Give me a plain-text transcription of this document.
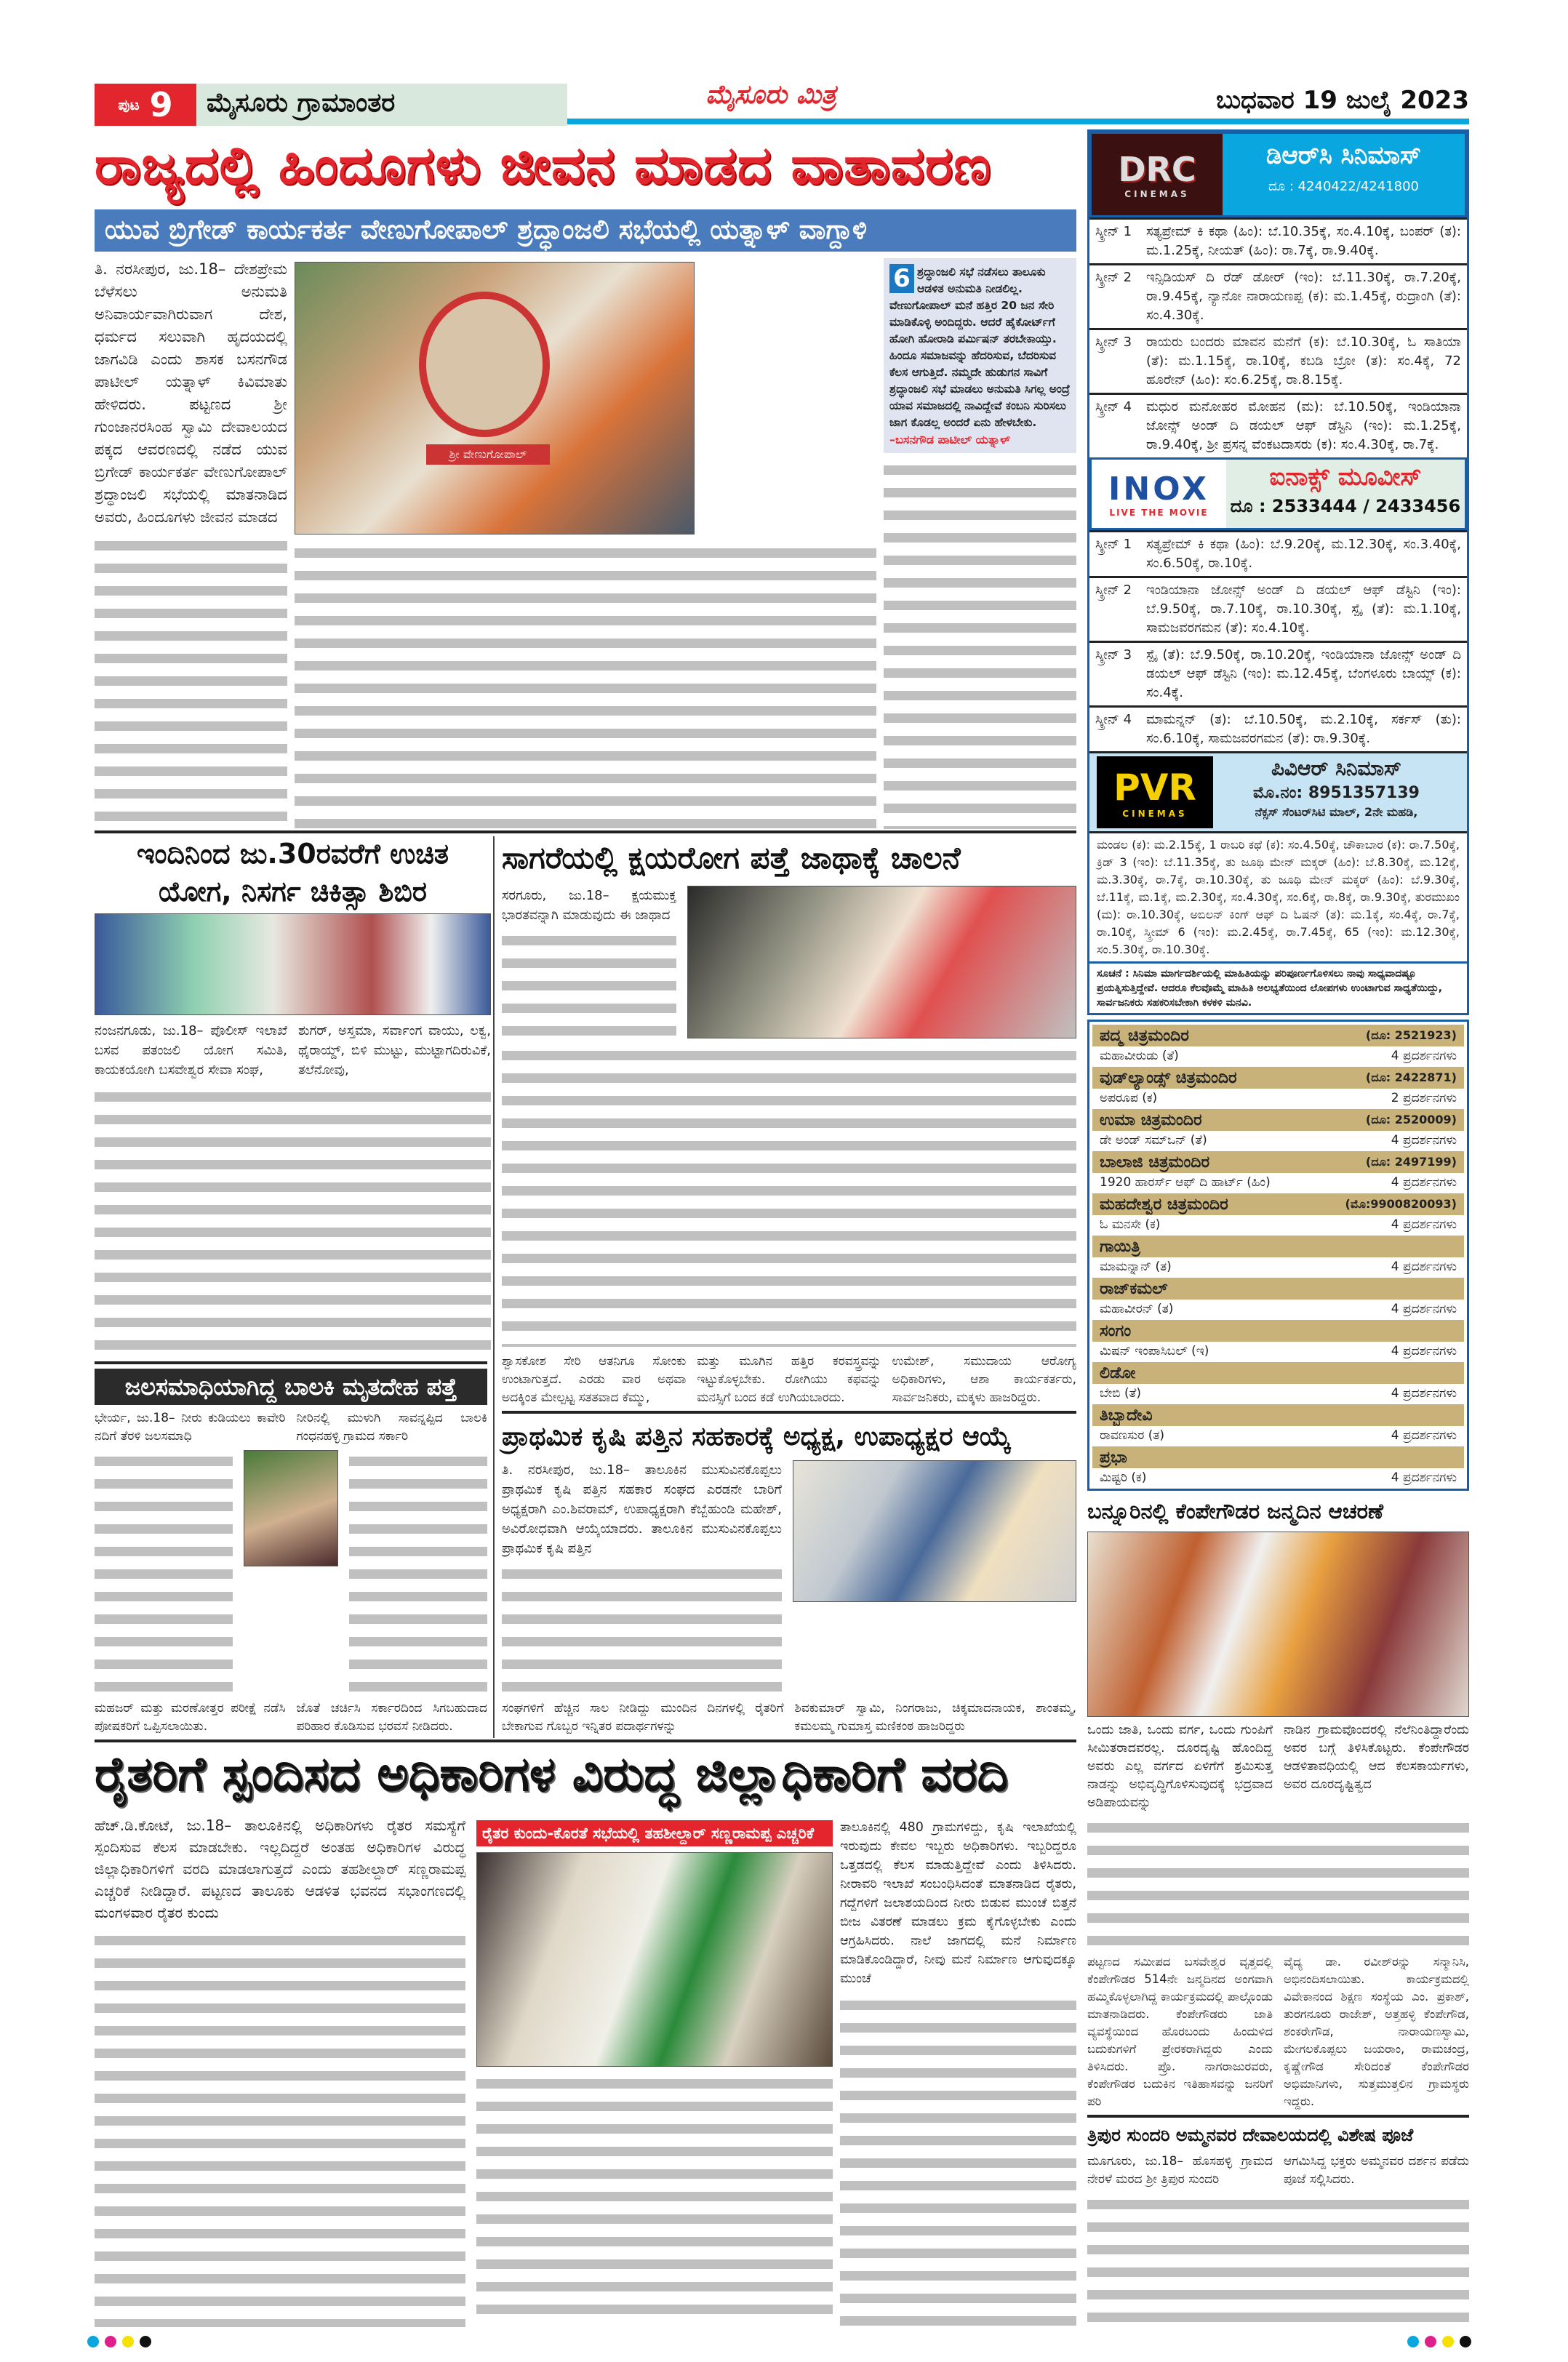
ಪುಟ 9	ಮೈಸೂರು ಗ್ರಾಮಾಂತರ	ಮೈಸೂರು ಮಿತ್ರ	ಬುಧವಾರ 19 ಜುಲೈ 2023
ರಾಜ್ಯದಲ್ಲಿ ಹಿಂದೂಗಳು ಜೀವನ ಮಾಡದ ವಾತಾವರಣ
ಯುವ ಬ್ರಿಗೇಡ್ ಕಾರ್ಯಕರ್ತ ವೇಣುಗೋಪಾಲ್ ಶ್ರದ್ಧಾಂಜಲಿ ಸಭೆಯಲ್ಲಿ ಯತ್ನಾಳ್ ವಾಗ್ದಾಳಿ
ತಿ. ನರಸೀಪುರ, ಜು.18– ದೇಶಪ್ರೇಮ ಬೆಳೆಸಲು ಅನುಮತಿ ಅನಿವಾರ್ಯವಾಗಿರುವಾಗ ದೇಶ, ಧರ್ಮದ ಸಲುವಾಗಿ ಹೃದಯದಲ್ಲಿ ಜಾಗವಿಡಿ ಎಂದು ಶಾಸಕ ಬಸನಗೌಡ ಪಾಟೀಲ್ ಯತ್ನಾಳ್ ಕಿವಿಮಾತು ಹೇಳಿದರು. ಪಟ್ಟಣದ ಶ್ರೀ ಗುಂಜಾನರಸಿಂಹ ಸ್ವಾಮಿ ದೇವಾಲಯದ ಪಕ್ಕದ ಆವರಣದಲ್ಲಿ ನಡೆದ ಯುವ ಬ್ರಿಗೇಡ್ ಕಾರ್ಯಕರ್ತ ವೇಣುಗೋಪಾಲ್ ಶ್ರದ್ಧಾಂಜಲಿ ಸಭೆಯಲ್ಲಿ ಮಾತನಾಡಿದ ಅವರು, ಹಿಂದೂಗಳು ಜೀವನ ಮಾಡದ
ಶ್ರೀ ವೇಣುಗೋಪಾಲ್
6 ಶ್ರದ್ಧಾಂಜಲಿ ಸಭೆ ನಡೆಸಲು ತಾಲೂಕು ಆಡಳಿತ ಅನುಮತಿ ನೀಡಲಿಲ್ಲ. ವೇಣುಗೋಪಾಲ್ ಮನೆ ಹತ್ತಿರ 20 ಜನ ಸೇರಿ ಮಾಡಿಕೊಳ್ಳಿ ಅಂದಿದ್ದರು. ಆದರೆ ಹೈಕೋರ್ಟ್‌ಗೆ ಹೋಗಿ ಹೋರಾಡಿ ಪರ್ಮಿಷನ್ ತರಬೇಕಾಯ್ತು. ಹಿಂದೂ ಸಮಾಜವನ್ನು ಹೆದರಿಸುವ, ಬೆದರಿಸುವ ಕೆಲಸ ಆಗುತ್ತಿದೆ. ನಮ್ಮದೇ ಹುಡುಗನ ಸಾವಿಗೆ ಶ್ರದ್ಧಾಂಜಲಿ ಸಭೆ ಮಾಡಲು ಅನುಮತಿ ಸಿಗಲ್ಲ ಅಂದ್ರೆ ಯಾವ ಸಮಾಜದಲ್ಲಿ ನಾವಿದ್ದೇವೆ ಕಂಬನಿ ಸುರಿಸಲು ಜಾಗ ಕೊಡಲ್ಲ ಅಂದರೆ ಏನು ಹೇಳಬೇಕು.
–ಬಸನಗೌಡ ಪಾಟೀಲ್ ಯತ್ನಾಳ್
ಇಂದಿನಿಂದ ಜು.30ರವರೆಗೆ ಉಚಿತ
ಯೋಗ, ನಿಸರ್ಗ ಚಿಕಿತ್ಸಾ ಶಿಬಿರ
ನಂಜನಗೂಡು, ಜು.18– ಪೊಲೀಸ್ ಇಲಾಖೆ ಬಸವ ಪತಂಜಲಿ ಯೋಗ ಸಮಿತಿ, ಕಾಯಕಯೋಗಿ ಬಸವೇಶ್ವರ ಸೇವಾ ಸಂಘ,
ಶುಗರ್, ಅಸ್ತಮಾ, ಸರ್ವಾಂಗ ವಾಯು, ಲಕ್ವ, ಥೈರಾಯ್ಡ್, ಬಿಳಿ ಮುಟ್ಟು, ಮುಟ್ಟಾಗದಿರುವಿಕೆ, ತಲೆನೋವು,
ಸಾಗರೆಯಲ್ಲಿ ಕ್ಷಯರೋಗ ಪತ್ತೆ ಜಾಥಾಕ್ಕೆ ಚಾಲನೆ
ಸರಗೂರು, ಜು.18– ಕ್ಷಯಮುಕ್ತ ಭಾರತವನ್ನಾಗಿ ಮಾಡುವುದು ಈ ಜಾಥಾದ
ಶ್ವಾಸಕೋಶ ಸೇರಿ ಆತನಿಗೂ ಸೋಂಕು ಉಂಟಾಗುತ್ತದೆ. ಎರಡು ವಾರ ಅಥವಾ ಅದಕ್ಕಿಂತ ಮೇಲ್ಪಟ್ಟ ಸತತವಾದ ಕೆಮ್ಮು,
ಮತ್ತು ಮೂಗಿನ ಹತ್ತಿರ ಕರವಸ್ತ್ರವನ್ನು ಇಟ್ಟುಕೊಳ್ಳಬೇಕು. ರೋಗಿಯು ಕಫವನ್ನು ಮನಸ್ಸಿಗೆ ಬಂದ ಕಡೆ ಉಗಿಯಬಾರದು.
ಉಮೇಶ್, ಸಮುದಾಯ ಆರೋಗ್ಯ ಅಧಿಕಾರಿಗಳು, ಆಶಾ ಕಾರ್ಯಕರ್ತರು, ಸಾರ್ವಜನಿಕರು, ಮಕ್ಕಳು ಹಾಜರಿದ್ದರು.
ಜಲಸಮಾಧಿಯಾಗಿದ್ದ ಬಾಲಕಿ ಮೃತದೇಹ ಪತ್ತೆ
ಭೇರ್ಯ, ಜು.18– ನೀರು ಕುಡಿಯಲು ಕಾವೇರಿ ನದಿಗೆ ತೆರಳಿ ಜಲಸಮಾಧಿ
ನೀರಿನಲ್ಲಿ ಮುಳುಗಿ ಸಾವನ್ನಪ್ಪಿದ ಬಾಲಕಿ ಗಂಧನಹಳ್ಳಿ ಗ್ರಾಮದ ಸರ್ಕಾರಿ
ಮಹಜರ್ ಮತ್ತು ಮರಣೋತ್ತರ ಪರೀಕ್ಷೆ ನಡೆಸಿ ಪೋಷಕರಿಗೆ ಒಪ್ಪಿಸಲಾಯಿತು.
ಜೊತೆ ಚರ್ಚಿಸಿ ಸರ್ಕಾರದಿಂದ ಸಿಗಬಹುದಾದ ಪರಿಹಾರ ಕೊಡಿಸುವ ಭರವಸೆ ನೀಡಿದರು.
ಪ್ರಾಥಮಿಕ ಕೃಷಿ ಪತ್ತಿನ ಸಹಕಾರಕ್ಕೆ ಅಧ್ಯಕ್ಷ, ಉಪಾಧ್ಯಕ್ಷರ ಆಯ್ಕೆ
ತಿ. ನರಸೀಪುರ, ಜು.18– ತಾಲೂಕಿನ ಮುಸುವಿನಕೊಪ್ಪಲು ಪ್ರಾಥಮಿಕ ಕೃಷಿ ಪತ್ತಿನ ಸಹಕಾರ ಸಂಘದ ಎರಡನೇ ಬಾರಿಗೆ ಅಧ್ಯಕ್ಷರಾಗಿ ಎಂ.ಶಿವರಾಮ್, ಉಪಾಧ್ಯಕ್ಷರಾಗಿ ಕೆಬ್ಬೆಹುಂಡಿ ಮಹೇಶ್, ಅವಿರೋಧವಾಗಿ ಆಯ್ಕೆಯಾದರು. ತಾಲೂಕಿನ ಮುಸುವಿನಕೊಪ್ಪಲು ಪ್ರಾಥಮಿಕ ಕೃಷಿ ಪತ್ತಿನ
ಸಂಘಗಳಿಗೆ ಹೆಚ್ಚಿನ ಸಾಲ ನೀಡಿದ್ದು ಮುಂದಿನ ದಿನಗಳಲ್ಲಿ ರೈತರಿಗೆ ಬೇಕಾಗುವ ಗೊಬ್ಬರ ಇನ್ನಿತರ ಪದಾರ್ಥಗಳನ್ನು
ಶಿವಕುಮಾರ್ ಸ್ವಾಮಿ, ನಿಂಗರಾಜು, ಚಿಕ್ಕಮಾದನಾಯಕ, ಶಾಂತಮ್ಮ, ಕಮಲಮ್ಮ ಗುಮಾಸ್ತ ಮಣಿಕಂಠ ಹಾಜರಿದ್ದರು
ರೈತರಿಗೆ ಸ್ಪಂದಿಸದ ಅಧಿಕಾರಿಗಳ ವಿರುದ್ಧ ಜಿಲ್ಲಾಧಿಕಾರಿಗೆ ವರದಿ
ಹೆಚ್.ಡಿ.ಕೋಟೆ, ಜು.18– ತಾಲೂಕಿನಲ್ಲಿ ಅಧಿಕಾರಿಗಳು ರೈತರ ಸಮಸ್ಯೆಗೆ ಸ್ಪಂದಿಸುವ ಕೆಲಸ ಮಾಡಬೇಕು. ಇಲ್ಲದಿದ್ದರೆ ಅಂತಹ ಅಧಿಕಾರಿಗಳ ವಿರುದ್ಧ ಜಿಲ್ಲಾಧಿಕಾರಿಗಳಿಗೆ ವರದಿ ಮಾಡಲಾಗುತ್ತದೆ ಎಂದು ತಹಶೀಲ್ದಾರ್ ಸಣ್ಣರಾಮಪ್ಪ ಎಚ್ಚರಿಕೆ ನೀಡಿದ್ದಾರೆ. ಪಟ್ಟಣದ ತಾಲೂಕು ಆಡಳಿತ ಭವನದ ಸಭಾಂಗಣದಲ್ಲಿ ಮಂಗಳವಾರ ರೈತರ ಕುಂದು
ರೈತರ ಕುಂದು-ಕೊರತೆ ಸಭೆಯಲ್ಲಿ ತಹಶೀಲ್ದಾರ್ ಸಣ್ಣರಾಮಪ್ಪ ಎಚ್ಚರಿಕೆ	ತಾಲೂಕಿನಲ್ಲಿ 480 ಗ್ರಾಮಗಳಿದ್ದು, ಕೃಷಿ ಇಲಾಖೆಯಲ್ಲಿ ಇರುವುದು ಕೇವಲ ಇಬ್ಬರು ಅಧಿಕಾರಿಗಳು. ಇಬ್ಬರಿದ್ದರೂ ಒತ್ತಡದಲ್ಲಿ ಕೆಲಸ ಮಾಡುತ್ತಿದ್ದೇವೆ ಎಂದು ತಿಳಿಸಿದರು. ನೀರಾವರಿ ಇಲಾಖೆ ಸಂಬಂಧಿಸಿದಂತೆ ಮಾತನಾಡಿದ ರೈತರು, ಗದ್ದೆಗಳಿಗೆ ಜಲಾಶಯದಿಂದ ನೀರು ಬಿಡುವ ಮುಂಚೆ ಬಿತ್ತನೆ ಬೀಜ ವಿತರಣೆ ಮಾಡಲು ಕ್ರಮ ಕೈಗೊಳ್ಳಬೇಕು ಎಂದು ಆಗ್ರಹಿಸಿದರು. ನಾಲೆ ಜಾಗದಲ್ಲಿ ಮನೆ ನಿರ್ಮಾಣ ಮಾಡಿಕೊಂಡಿದ್ದಾರೆ, ನೀವು ಮನೆ ನಿರ್ಮಾಣ ಆಗುವುದಕ್ಕೂ ಮುಂಚೆ
DRC
CINEMAS
ಡಿಆರ್‌ಸಿ ಸಿನಿಮಾಸ್
ದೂ : 4240422/4241800
ಸ್ಕ್ರೀನ್ 1	ಸತ್ಯಪ್ರೇಮ್ ಕಿ ಕಥಾ (ಹಿಂ): ಬೆ.10.35ಕ್ಕೆ, ಸಂ.4.10ಕ್ಕೆ, ಬಂಪರ್ (ತ): ಮ.1.25ಕ್ಕೆ, ನೀಯತ್ (ಹಿಂ): ರಾ.7ಕ್ಕೆ, ರಾ.9.40ಕ್ಕೆ.
ಸ್ಕ್ರೀನ್ 2	ಇನ್ಸಿಡಿಯಸ್ ದಿ ರೆಡ್ ಡೋರ್ (ಇಂ): ಬೆ.11.30ಕ್ಕೆ, ರಾ.7.20ಕ್ಕೆ, ರಾ.9.45ಕ್ಕೆ, ನ್ಯಾನೋ ನಾರಾಯಣಪ್ಪ (ಕ): ಮ.1.45ಕ್ಕೆ, ರುದ್ರಾಂಗಿ (ತೆ): ಸಂ.4.30ಕ್ಕೆ.
ಸ್ಕ್ರೀನ್ 3	ರಾಯರು ಬಂದರು ಮಾವನ ಮನೆಗೆ (ಕ): ಬೆ.10.30ಕ್ಕೆ, ಓ ಸಾತಿಯಾ (ತೆ): ಮ.1.15ಕ್ಕೆ, ರಾ.10ಕ್ಕೆ, ಕಬಡಿ ಬ್ರೋ (ತ): ಸಂ.4ಕ್ಕೆ, 72 ಹೂರೇನ್ (ಹಿಂ): ಸಂ.6.25ಕ್ಕೆ, ರಾ.8.15ಕ್ಕೆ.
ಸ್ಕ್ರೀನ್ 4	ಮಧುರ ಮನೋಹರ ಮೋಹನ (ಮ): ಬೆ.10.50ಕ್ಕೆ, ಇಂಡಿಯಾನಾ ಜೋನ್ಸ್ ಅಂಡ್ ದಿ ಡಯಲ್ ಆಫ್ ಡೆಸ್ಟಿನಿ (ಇಂ): ಮ.1.25ಕ್ಕೆ, ರಾ.9.40ಕ್ಕೆ, ಶ್ರೀ ಪ್ರಸನ್ನ ವೆಂಕಟದಾಸರು (ಕ): ಸಂ.4.30ಕ್ಕೆ, ರಾ.7ಕ್ಕೆ.
INOX
LIVE THE MOVIE
ಐನಾಕ್ಸ್ ಮೂವೀಸ್
ದೂ : 2533444 / 2433456
ಸ್ಕ್ರೀನ್ 1	ಸತ್ಯಪ್ರೇಮ್ ಕಿ ಕಥಾ (ಹಿಂ): ಬೆ.9.20ಕ್ಕೆ, ಮ.12.30ಕ್ಕೆ, ಸಂ.3.40ಕ್ಕೆ, ಸಂ.6.50ಕ್ಕೆ, ರಾ.10ಕ್ಕೆ.
ಸ್ಕ್ರೀನ್ 2	ಇಂಡಿಯಾನಾ ಜೋನ್ಸ್ ಅಂಡ್ ದಿ ಡಯಲ್ ಆಫ್ ಡೆಸ್ಟಿನಿ (ಇಂ): ಬೆ.9.50ಕ್ಕೆ, ರಾ.7.10ಕ್ಕೆ, ರಾ.10.30ಕ್ಕೆ, ಸ್ಪೈ (ತೆ): ಮ.1.10ಕ್ಕೆ, ಸಾಮಜವರಗಮನ (ತೆ): ಸಂ.4.10ಕ್ಕೆ.
ಸ್ಕ್ರೀನ್ 3	ಸ್ಪೈ (ತೆ): ಬೆ.9.50ಕ್ಕೆ, ರಾ.10.20ಕ್ಕೆ, ಇಂಡಿಯಾನಾ ಜೋನ್ಸ್ ಅಂಡ್ ದಿ ಡಯಲ್ ಆಫ್ ಡೆಸ್ಟಿನಿ (ಇಂ): ಮ.12.45ಕ್ಕೆ, ಬೆಂಗಳೂರು ಬಾಯ್ಸ್ (ಕ): ಸಂ.4ಕ್ಕೆ.
ಸ್ಕ್ರೀನ್ 4	ಮಾಮನ್ನನ್ (ತ): ಬೆ.10.50ಕ್ಕೆ, ಮ.2.10ಕ್ಕೆ, ಸರ್ಕಸ್ (ತು): ಸಂ.6.10ಕ್ಕೆ, ಸಾಮಜವರಗಮನ (ತೆ): ರಾ.9.30ಕ್ಕೆ.
PVR
CINEMAS
ಪಿವಿಆರ್ ಸಿನಿಮಾಸ್
ಮೊ.ನಂ: 8951357139
ನೆಕ್ಸಸ್ ಸೆಂಟರ್‌ಸಿಟಿ ಮಾಲ್, 2ನೇ ಮಹಡಿ,
ಮಂಡಲ (ಕ): ಮ.2.15ಕ್ಕೆ, 1 ರಾಬರಿ ಕಥೆ (ಕ): ಸಂ.4.50ಕ್ಕೆ, ಚೌಕಾಬಾರ (ಕ): ರಾ.7.50ಕ್ಕೆ, ಕ್ರಿಡ್ 3 (ಇಂ): ಬೆ.11.35ಕ್ಕೆ, ತು ಜೂಥಿ ಮೇನ್ ಮಕ್ಕರ್ (ಹಿಂ): ಬೆ.8.30ಕ್ಕೆ, ಮ.12ಕ್ಕೆ, ಮ.3.30ಕ್ಕೆ, ರಾ.7ಕ್ಕೆ, ರಾ.10.30ಕ್ಕೆ, ತು ಜೂಥಿ ಮೇನ್ ಮಕ್ಕರ್ (ಹಿಂ): ಬೆ.9.30ಕ್ಕೆ, ಬೆ.11ಕ್ಕೆ, ಮ.1ಕ್ಕೆ, ಮ.2.30ಕ್ಕೆ, ಸಂ.4.30ಕ್ಕೆ, ಸಂ.6ಕ್ಕೆ, ರಾ.8ಕ್ಕೆ, ರಾ.9.30ಕ್ಕೆ, ತುರಮುಖಂ (ಮ): ರಾ.10.30ಕ್ಕೆ, ಅಬಿಲನ್ ಕಿಂಗ್ ಆಫ್ ದಿ ಓಷನ್ (ತ): ಮ.1ಕ್ಕೆ, ಸಂ.4ಕ್ಕೆ, ರಾ.7ಕ್ಕೆ, ರಾ.10ಕ್ಕೆ, ಸ್ಕ್ರೀಮ್ 6 (ಇಂ): ಮ.2.45ಕ್ಕೆ, ರಾ.7.45ಕ್ಕೆ, 65 (ಇಂ): ಮ.12.30ಕ್ಕೆ, ಸಂ.5.30ಕ್ಕೆ, ರಾ.10.30ಕ್ಕೆ.
ಸೂಚನೆ : ಸಿನಿಮಾ ಮಾರ್ಗದರ್ಶಿಯಲ್ಲಿ ಮಾಹಿತಿಯನ್ನು ಪರಿಪೂರ್ಣಗೊಳಿಸಲು ನಾವು ಸಾಧ್ಯವಾದಷ್ಟೂ ಪ್ರಯತ್ನಿಸುತ್ತಿದ್ದೇವೆ. ಆದರೂ ಕೆಲವೊಮ್ಮೆ ಮಾಹಿತಿ ಅಲಭ್ಯತೆಯಿಂದ ಲೋಪಗಳು ಉಂಟಾಗುವ ಸಾಧ್ಯತೆಯಿದ್ದು, ಸಾರ್ವಜನಿಕರು ಸಹಕರಿಸಬೇಕಾಗಿ ಕಳಕಳಿ ಮನವಿ.
ಪದ್ಮ ಚಿತ್ರಮಂದಿರ	(ದೂ: 2521923)
ಮಹಾವೀರುಡು (ತೆ)	4 ಪ್ರದರ್ಶನಗಳು
ವುಡ್‌ಲ್ಯಾಂಡ್ಸ್ ಚಿತ್ರಮಂದಿರ	(ದೂ: 2422871)
ಅಪರೂಪ (ಕ)	2 ಪ್ರದರ್ಶನಗಳು
ಉಮಾ ಚಿತ್ರಮಂದಿರ	(ದೂ: 2520009)
ಡೇ ಅಂಡ್ ಸಮ್‌ಒನ್ (ತೆ)	4 ಪ್ರದರ್ಶನಗಳು
ಬಾಲಾಜಿ ಚಿತ್ರಮಂದಿರ	(ದೂ: 2497199)
1920 ಹಾರರ್ಸ್ ಆಫ್ ದಿ ಹಾರ್ಟ್ (ಹಿಂ)	4 ಪ್ರದರ್ಶನಗಳು
ಮಹದೇಶ್ವರ ಚಿತ್ರಮಂದಿರ	(ಮೊ:9900820093)
ಓ ಮನಸೇ (ಕ)	4 ಪ್ರದರ್ಶನಗಳು
ಗಾಯಿತ್ರಿ
ಮಾಮನ್ನಾನ್ (ತ)	4 ಪ್ರದರ್ಶನಗಳು
ರಾಜ್‌ಕಮಲ್
ಮಹಾವೀರನ್ (ತ)	4 ಪ್ರದರ್ಶನಗಳು
ಸಂಗಂ
ಮಿಷನ್ ಇಂಪಾಸಿಬಲ್ (ಇ)	4 ಪ್ರದರ್ಶನಗಳು
ಲಿಡೋ
ಬೇಬಿ (ತೆ)	4 ಪ್ರದರ್ಶನಗಳು
ತಿಬ್ಬಾದೇವಿ
ರಾವಣಸುರ (ತ)	4 ಪ್ರದರ್ಶನಗಳು
ಪ್ರಭಾ
ಮಿಷ್ಟರಿ (ಕ)	4 ಪ್ರದರ್ಶನಗಳು
ಬನ್ನೂರಿನಲ್ಲಿ ಕೆಂಪೇಗೌಡರ ಜನ್ಮದಿನ ಆಚರಣೆ
ಒಂದು ಜಾತಿ, ಒಂದು ವರ್ಗ, ಒಂದು ಗುಂಪಿಗೆ ಸೀಮಿತರಾದವರಲ್ಲ. ದೂರದೃಷ್ಟಿ ಹೊಂದಿದ್ದ ಅವರು ಎಲ್ಲ ವರ್ಗದ ಏಳಿಗೆಗೆ ಶ್ರಮಿಸುತ್ತ ನಾಡನ್ನು ಅಭಿವೃದ್ಧಿಗೊಳಿಸುವುದಕ್ಕೆ ಭದ್ರವಾದ ಅಡಿಪಾಯವನ್ನು
ನಾಡಿನ ಗ್ರಾಮವೊಂದರಲ್ಲಿ ನೆಲೆನಿಂತಿದ್ದಾರೆಂದು ಅವರ ಬಗ್ಗೆ ತಿಳಿಸಿಕೊಟ್ಟರು. ಕೆಂಪೇಗೌಡರ ಆಡಳಿತಾವಧಿಯಲ್ಲಿ ಆದ ಕೆಲಸಕಾರ್ಯಗಳು, ಅವರ ದೂರದೃಷ್ಟಿತ್ವದ
ಪಟ್ಟಣದ ಸಮೀಪದ ಬಸವೇಶ್ವರ ವೃತ್ತದಲ್ಲಿ ಕೆಂಪೇಗೌಡರ 514ನೇ ಜನ್ಮದಿನದ ಅಂಗವಾಗಿ ಹಮ್ಮಿಕೊಳ್ಳಲಾಗಿದ್ದ ಕಾರ್ಯಕ್ರಮದಲ್ಲಿ ಪಾಲ್ಗೊಂಡು ಮಾತನಾಡಿದರು. ಕೆಂಪೇಗೌಡರು ಜಾತಿ ವ್ಯವಸ್ಥೆಯಿಂದ ಹೊರಬಂದು ಹಿಂದುಳಿದ ಬದುಕುಗಳಿಗೆ ಪ್ರೇರಕರಾಗಿದ್ದರು ಎಂದು ತಿಳಿಸಿದರು. ಪ್ರೊ. ನಾಗರಾಜುರವರು, ಕೆಂಪೇಗೌಡರ ಬದುಕಿನ ಇತಿಹಾಸವನ್ನು ಜನರಿಗೆ ಪರಿ
ವೈದ್ಯ ಡಾ. ರವೀಶ್‌ರನ್ನು ಸನ್ಮಾನಿಸಿ, ಅಭಿನಂದಿಸಲಾಯಿತು. ಕಾರ್ಯಕ್ರಮದಲ್ಲಿ ವಿವೇಕಾನಂದ ಶಿಕ್ಷಣ ಸಂಸ್ಥೆಯ ಎಂ. ಪ್ರಕಾಶ್, ತುರಗನೂರು ರಾಜೇಶ್, ಅತ್ತಹಳ್ಳಿ ಕೆಂಪೇಗೌಡ, ಶಂಕರೇಗೌಡ, ನಾರಾಯಣಸ್ವಾಮಿ, ಮೇಗಲಕೊಪ್ಪಲು ಜಯರಾಂ, ರಾಮಚಂದ್ರ, ಕೃಷ್ಣೇಗೌಡ ಸೇರಿದಂತೆ ಕೆಂಪೇಗೌಡರ ಅಭಿಮಾನಿಗಳು, ಸುತ್ತಮುತ್ತಲಿನ ಗ್ರಾಮಸ್ಥರು ಇದ್ದರು.
ತ್ರಿಪುರ ಸುಂದರಿ ಅಮ್ಮನವರ ದೇವಾಲಯದಲ್ಲಿ ವಿಶೇಷ ಪೂಜೆ
ಮೂಗೂರು, ಜು.18– ಹೊಸಹಳ್ಳಿ ಗ್ರಾಮದ ನೇರಳೆ ಮರದ ಶ್ರೀ ತ್ರಿಪುರ ಸುಂದರಿ
ಆಗಮಿಸಿದ್ದ ಭಕ್ತರು ಅಮ್ಮನವರ ದರ್ಶನ ಪಡೆದು ಪೂಜೆ ಸಲ್ಲಿಸಿದರು.
